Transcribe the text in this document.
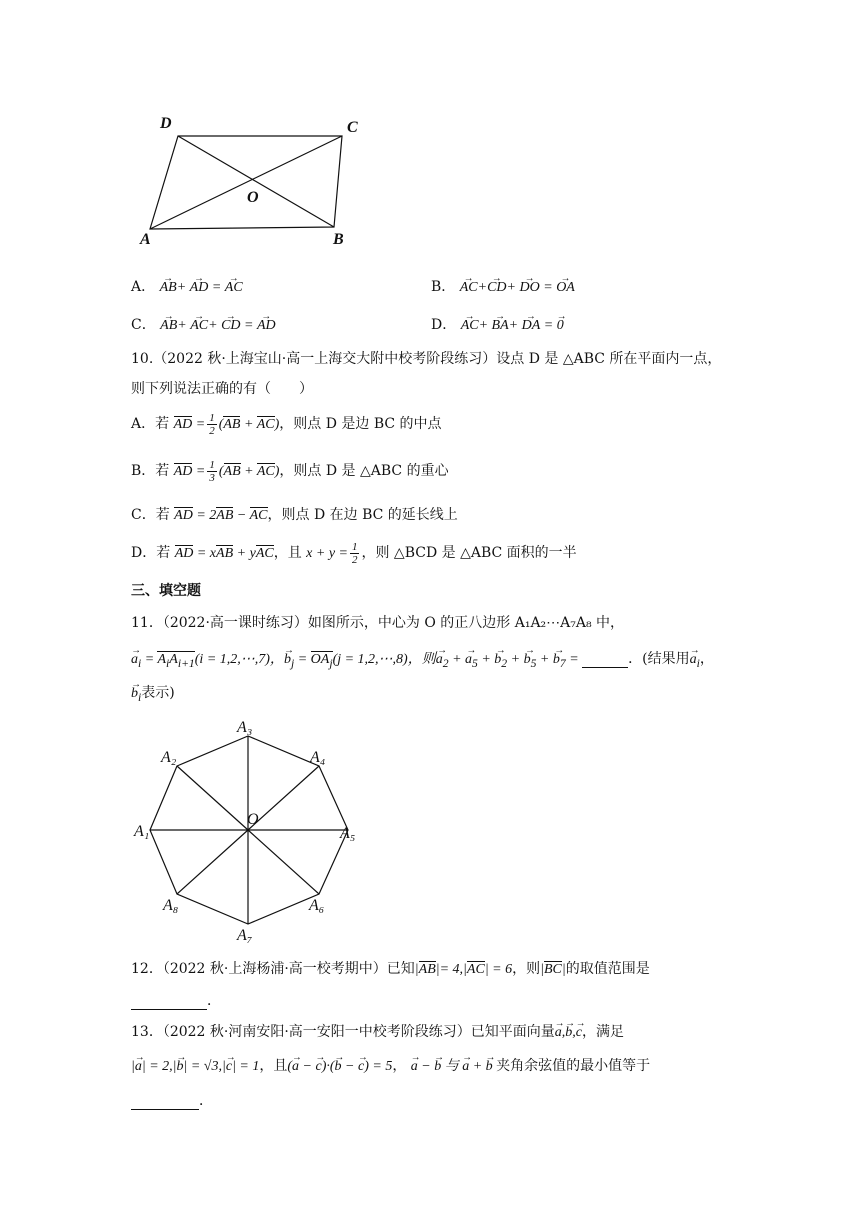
D	C
O
A	B
A． → AB+ → AD = → AC	B． → AC+→ CD+ → DO = → OA
C． → AB+ → AC+ → CD = → AD	D． → AC+ → BA+ → DA = → 0
10.（2022 秋·上海宝山·高一上海交大附中校考阶段练习）设点 D 是 △ABC 所在平面内一点，
则下列说法正确的有（　　）
A．若 AD = $\frac{1}{2} (AB + AC)$，则点 D 是边 BC 的中点
B．若 AD = $\frac{1}{3} (AB + AC)$，则点 D 是 △ABC 的重心
C．若 AD = 2AB − AC，则点 D 在边 BC 的延长线上
D．若 AD = xAB + yAC，且 $x + y = \frac{1}{2}$ ，则 △BCD 是 △ABC 面积的一半
三、填空题
11．（2022·高一课时练习）如图所示，中心为 O 的正八边形 A₁A₂⋯A₇A₈ 中，
→ $a_i = A_iA_{i+1}(i$ = 1,2,⋯,7)，→ $b_j = OA_j(j$ = 1,2,⋯,8)，则→ $a_2$ + → $a_5$ + → $b_2$ + → $b_5$ + → $b_7$ =	．(结果用→ $a_i$，
→ $b_i$表示)
A₃
A₂	A₄
O
A₁	A₅
A₈	A₆
A₇
12．（2022 秋·上海杨浦·高一校考期中）已知|AB|= 4,|AC| = 6，则|BC|的取值范围是
．
13．（2022 秋·河南安阳·高一安阳一中校考阶段练习）已知平面向量→ a,→ b,→ c，满足
|→ a| = 2,|→ b| = √3,|→ c| = 1，且(→ a − → c)·(→ b − → c) = 5， → a − → b 与 → a + → b 夹角余弦值的最小值等于
．
